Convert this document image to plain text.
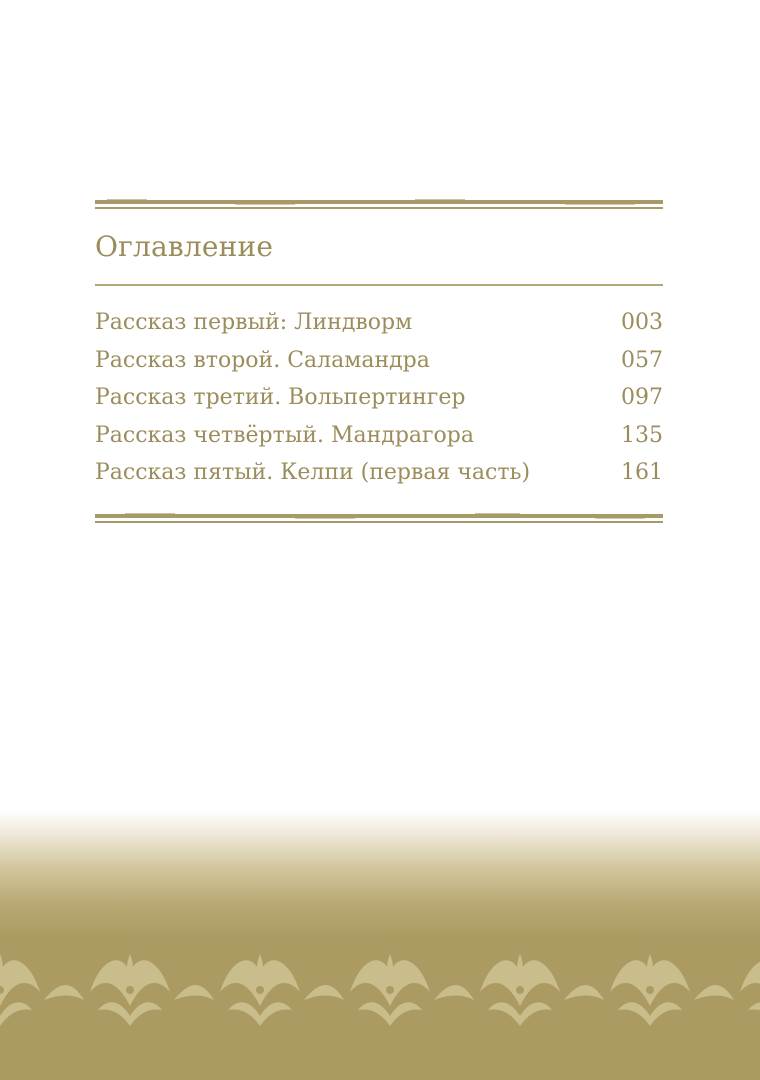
Оглавление
Рассказ первый: Линдворм	003
Рассказ второй. Саламандра	057
Рассказ третий. Вольпертингер	097
Рассказ четвёртый. Мандрагора	135
Рассказ пятый. Келпи (первая часть)	161
